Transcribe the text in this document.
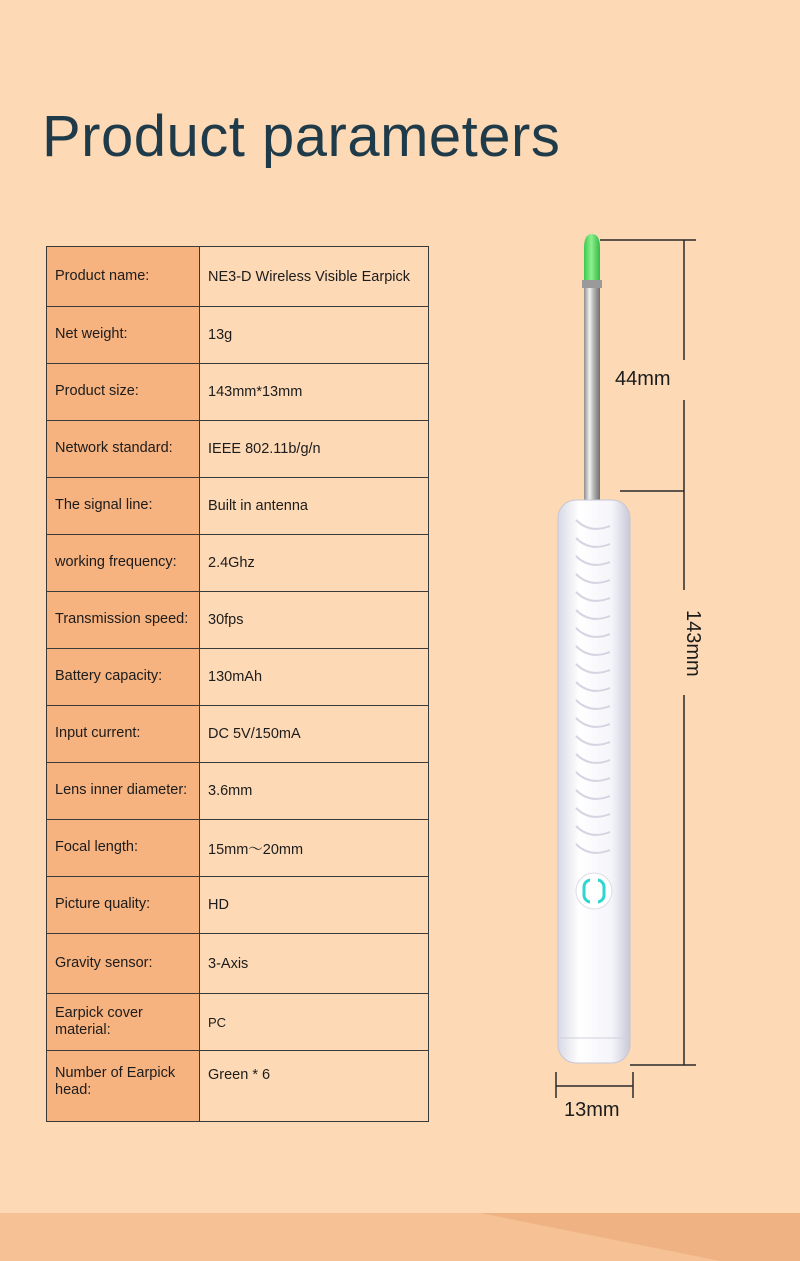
Product parameters
Product name:	NE3-D Wireless Visible Earpick
Net weight:	13g
Product size:	143mm*13mm
Network standard:	IEEE 802.11b/g/n
The signal line:	Built in antenna
working frequency:	2.4Ghz
Transmission speed:	30fps
Battery capacity:	130mAh
Input current:	DC 5V/150mA
Lens inner diameter:	3.6mm
Focal length:	15mm～20mm
Picture quality:	HD
Gravity sensor:	3-Axis
Earpick cover material:	PC
Number of Earpick head:	Green * 6
44mm
143mm
13mm
